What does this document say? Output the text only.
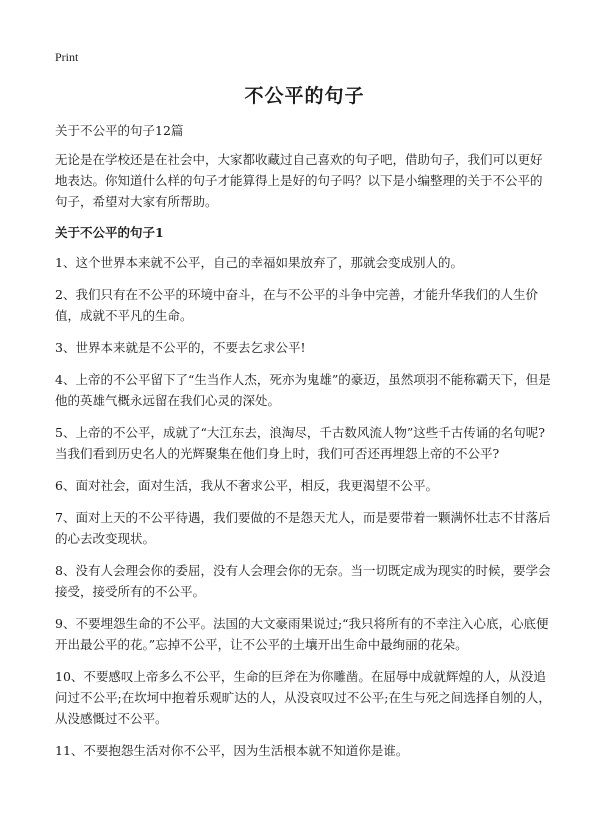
Print
不公平的句子

关于不公平的句子12篇

无论是在学校还是在社会中，大家都收藏过自己喜欢的句子吧，借助句子，我们可以更好地表达。你知道什么样的句子才能算得上是好的句子吗？以下是小编整理的关于不公平的句子，希望对大家有所帮助。

关于不公平的句子1

1、这个世界本来就不公平，自己的幸福如果放弃了，那就会变成别人的。
2、我们只有在不公平的环境中奋斗，在与不公平的斗争中完善，才能升华我们的人生价值，成就不平凡的生命。
3、世界本来就是不公平的，不要去乞求公平!
4、上帝的不公平留下了“生当作人杰，死亦为鬼雄”的豪迈，虽然项羽不能称霸天下，但是他的英雄气概永远留在我们心灵的深处。
5、上帝的不公平，成就了“大江东去，浪淘尽，千古数风流人物”这些千古传诵的名句呢?当我们看到历史名人的光辉聚集在他们身上时，我们可否还再埋怨上帝的不公平?
6、面对社会，面对生活，我从不奢求公平，相反，我更渴望不公平。
7、面对上天的不公平待遇，我们要做的不是怨天尤人，而是要带着一颗满怀壮志不甘落后的心去改变现状。
8、没有人会理会你的委屈，没有人会理会你的无奈。当一切既定成为现实的时候，要学会接受，接受所有的不公平。
9、不要埋怨生命的不公平。法国的大文豪雨果说过;“我只将所有的不幸注入心底，心底便开出最公平的花。”忘掉不公平，让不公平的土壤开出生命中最绚丽的花朵。
10、不要感叹上帝多么不公平，生命的巨斧在为你雕凿。在屈辱中成就辉煌的人，从没追问过不公平;在坎坷中抱着乐观旷达的人，从没哀叹过不公平;在生与死之间选择自刎的人，从没感慨过不公平。
11、不要抱怨生活对你不公平，因为生活根本就不知道你是谁。
